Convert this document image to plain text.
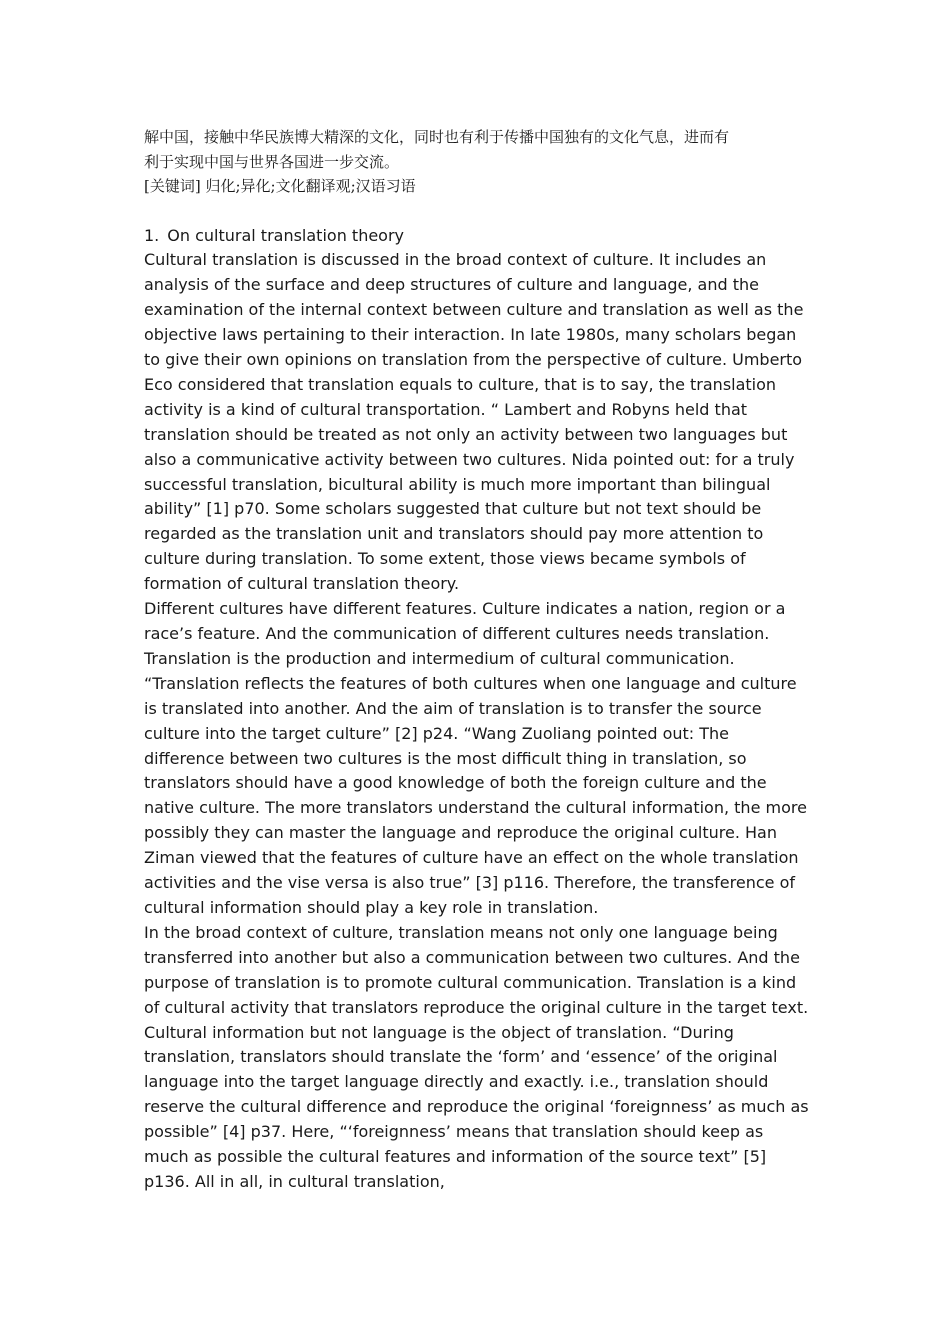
解中国，接触中华民族博大精深的文化，同时也有利于传播中国独有的文化气息，进而有
利于实现中国与世界各国进一步交流。

[关键词] 归化;异化;文化翻译观;汉语习语

1. On cultural translation theory

Cultural translation is discussed in the broad context of culture. It includes an analysis of the surface and deep structures of culture and language, and the examination of the internal context between culture and translation as well as the objective laws pertaining to their interaction. In late 1980s, many scholars began to give their own opinions on translation from the perspective of culture. Umberto Eco considered that translation equals to culture, that is to say, the translation activity is a kind of cultural transportation. “ Lambert and Robyns held that translation should be treated as not only an activity between two languages but also a communicative activity between two cultures. Nida pointed out: for a truly successful translation, bicultural ability is much more important than bilingual ability” [1] p70. Some scholars suggested that culture but not text should be regarded as the translation unit and translators should pay more attention to culture during translation. To some extent, those views became symbols of formation of cultural translation theory.

Different cultures have different features. Culture indicates a nation, region or a race’s feature. And the communication of different cultures needs translation. Translation is the production and intermedium of cultural communication. “Translation reflects the features of both cultures when one language and culture is translated into another. And the aim of translation is to transfer the source culture into the target culture” [2] p24. “Wang Zuoliang pointed out: The difference between two cultures is the most difficult thing in translation, so translators should have a good knowledge of both the foreign culture and the native culture. The more translators understand the cultural information, the more possibly they can master the language and reproduce the original culture. Han Ziman viewed that the features of culture have an effect on the whole translation activities and the vise versa is also true” [3] p116. Therefore, the transference of cultural information should play a key role in translation.

In the broad context of culture, translation means not only one language being transferred into another but also a communication between two cultures. And the purpose of translation is to promote cultural communication. Translation is a kind of cultural activity that translators reproduce the original culture in the target text. Cultural information but not language is the object of translation. “During translation, translators should translate the ‘form’ and ‘essence’ of the original language into the target language directly and exactly. i.e., translation should reserve the cultural difference and reproduce the original ‘foreignness’ as much as possible” [4] p37. Here, “‘foreignness’ means that translation should keep as much as possible the cultural features and information of the source text” [5] p136. All in all, in cultural translation,
